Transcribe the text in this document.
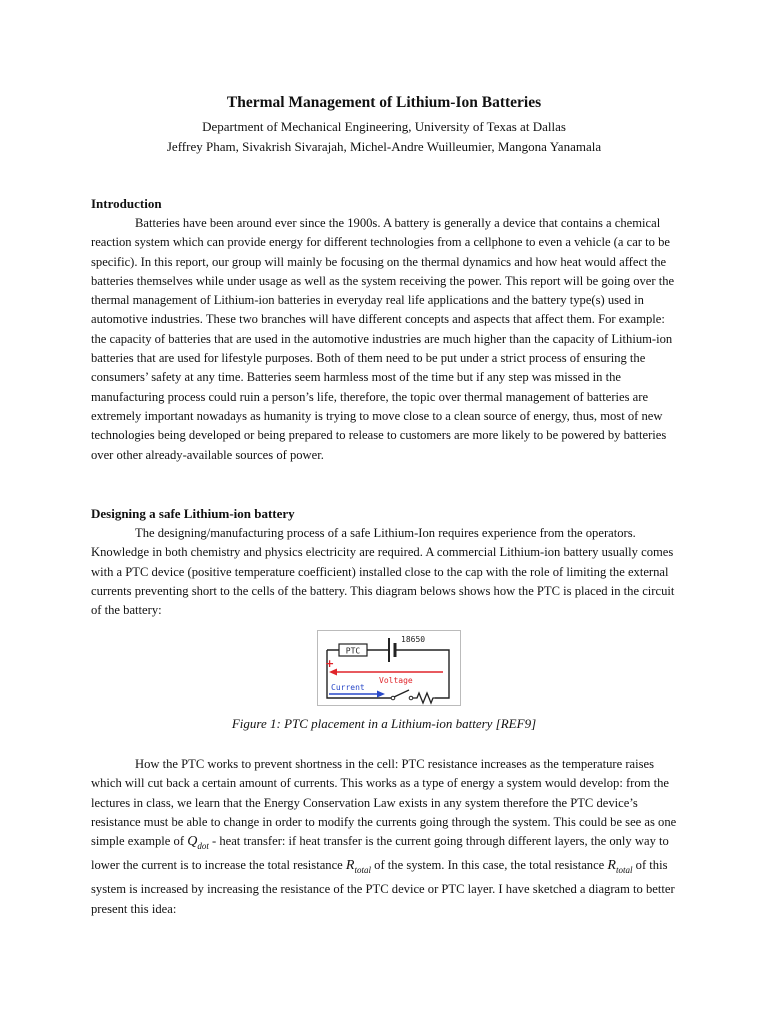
Thermal Management of Lithium-Ion Batteries

Department of Mechanical Engineering, University of Texas at Dallas

Jeffrey Pham, Sivakrish Sivarajah, Michel-Andre Wuilleumier, Mangona Yanamala

Introduction

Batteries have been around ever since the 1900s. A battery is generally a device that contains a chemical reaction system which can provide energy for different technologies from a cellphone to even a vehicle (a car to be specific). In this report, our group will mainly be focusing on the thermal dynamics and how heat would affect the batteries themselves while under usage as well as the system receiving the power. This report will be going over the thermal management of Lithium-ion batteries in everyday real life applications and the battery type(s) used in automotive industries. These two branches will have different concepts and aspects that affect them. For example: the capacity of batteries that are used in the automotive industries are much higher than the capacity of Lithium-ion batteries that are used for lifestyle purposes. Both of them need to be put under a strict process of ensuring the consumers’ safety at any time. Batteries seem harmless most of the time but if any step was missed in the manufacturing process could ruin a person’s life, therefore, the topic over thermal management of batteries are extremely important nowadays as humanity is trying to move close to a clean source of energy, thus, most of new technologies being developed or being prepared to release to customers are more likely to be powered by batteries over other already-available sources of power.

Designing a safe Lithium-ion battery

The designing/manufacturing process of a safe Lithium-Ion requires experience from the operators. Knowledge in both chemistry and physics electricity are required. A commercial Lithium-ion battery usually comes with a PTC device (positive temperature coefficient) installed close to the cap with the role of limiting the external currents preventing short to the cells of the battery. This diagram belows shows how the PTC is placed in the circuit of the battery:

PTC
18650
+
Voltage
Current

Figure 1: PTC placement in a Lithium-ion battery [REF9]

How the PTC works to prevent shortness in the cell: PTC resistance increases as the temperature raises which will cut back a certain amount of currents. This works as a type of energy a system would develop: from the lectures in class, we learn that the Energy Conservation Law exists in any system therefore the PTC device’s resistance must be able to change in order to modify the currents going through the system. This could be see as one simple example of $Q_{dot}$ - heat transfer: if heat transfer is the current going through different layers, the only way to lower the current is to increase the total resistance $R_{total}$ of the system. In this case, the total resistance $R_{total}$ of this system is increased by increasing the resistance of the PTC device or PTC layer. I have sketched a diagram to better present this idea:
